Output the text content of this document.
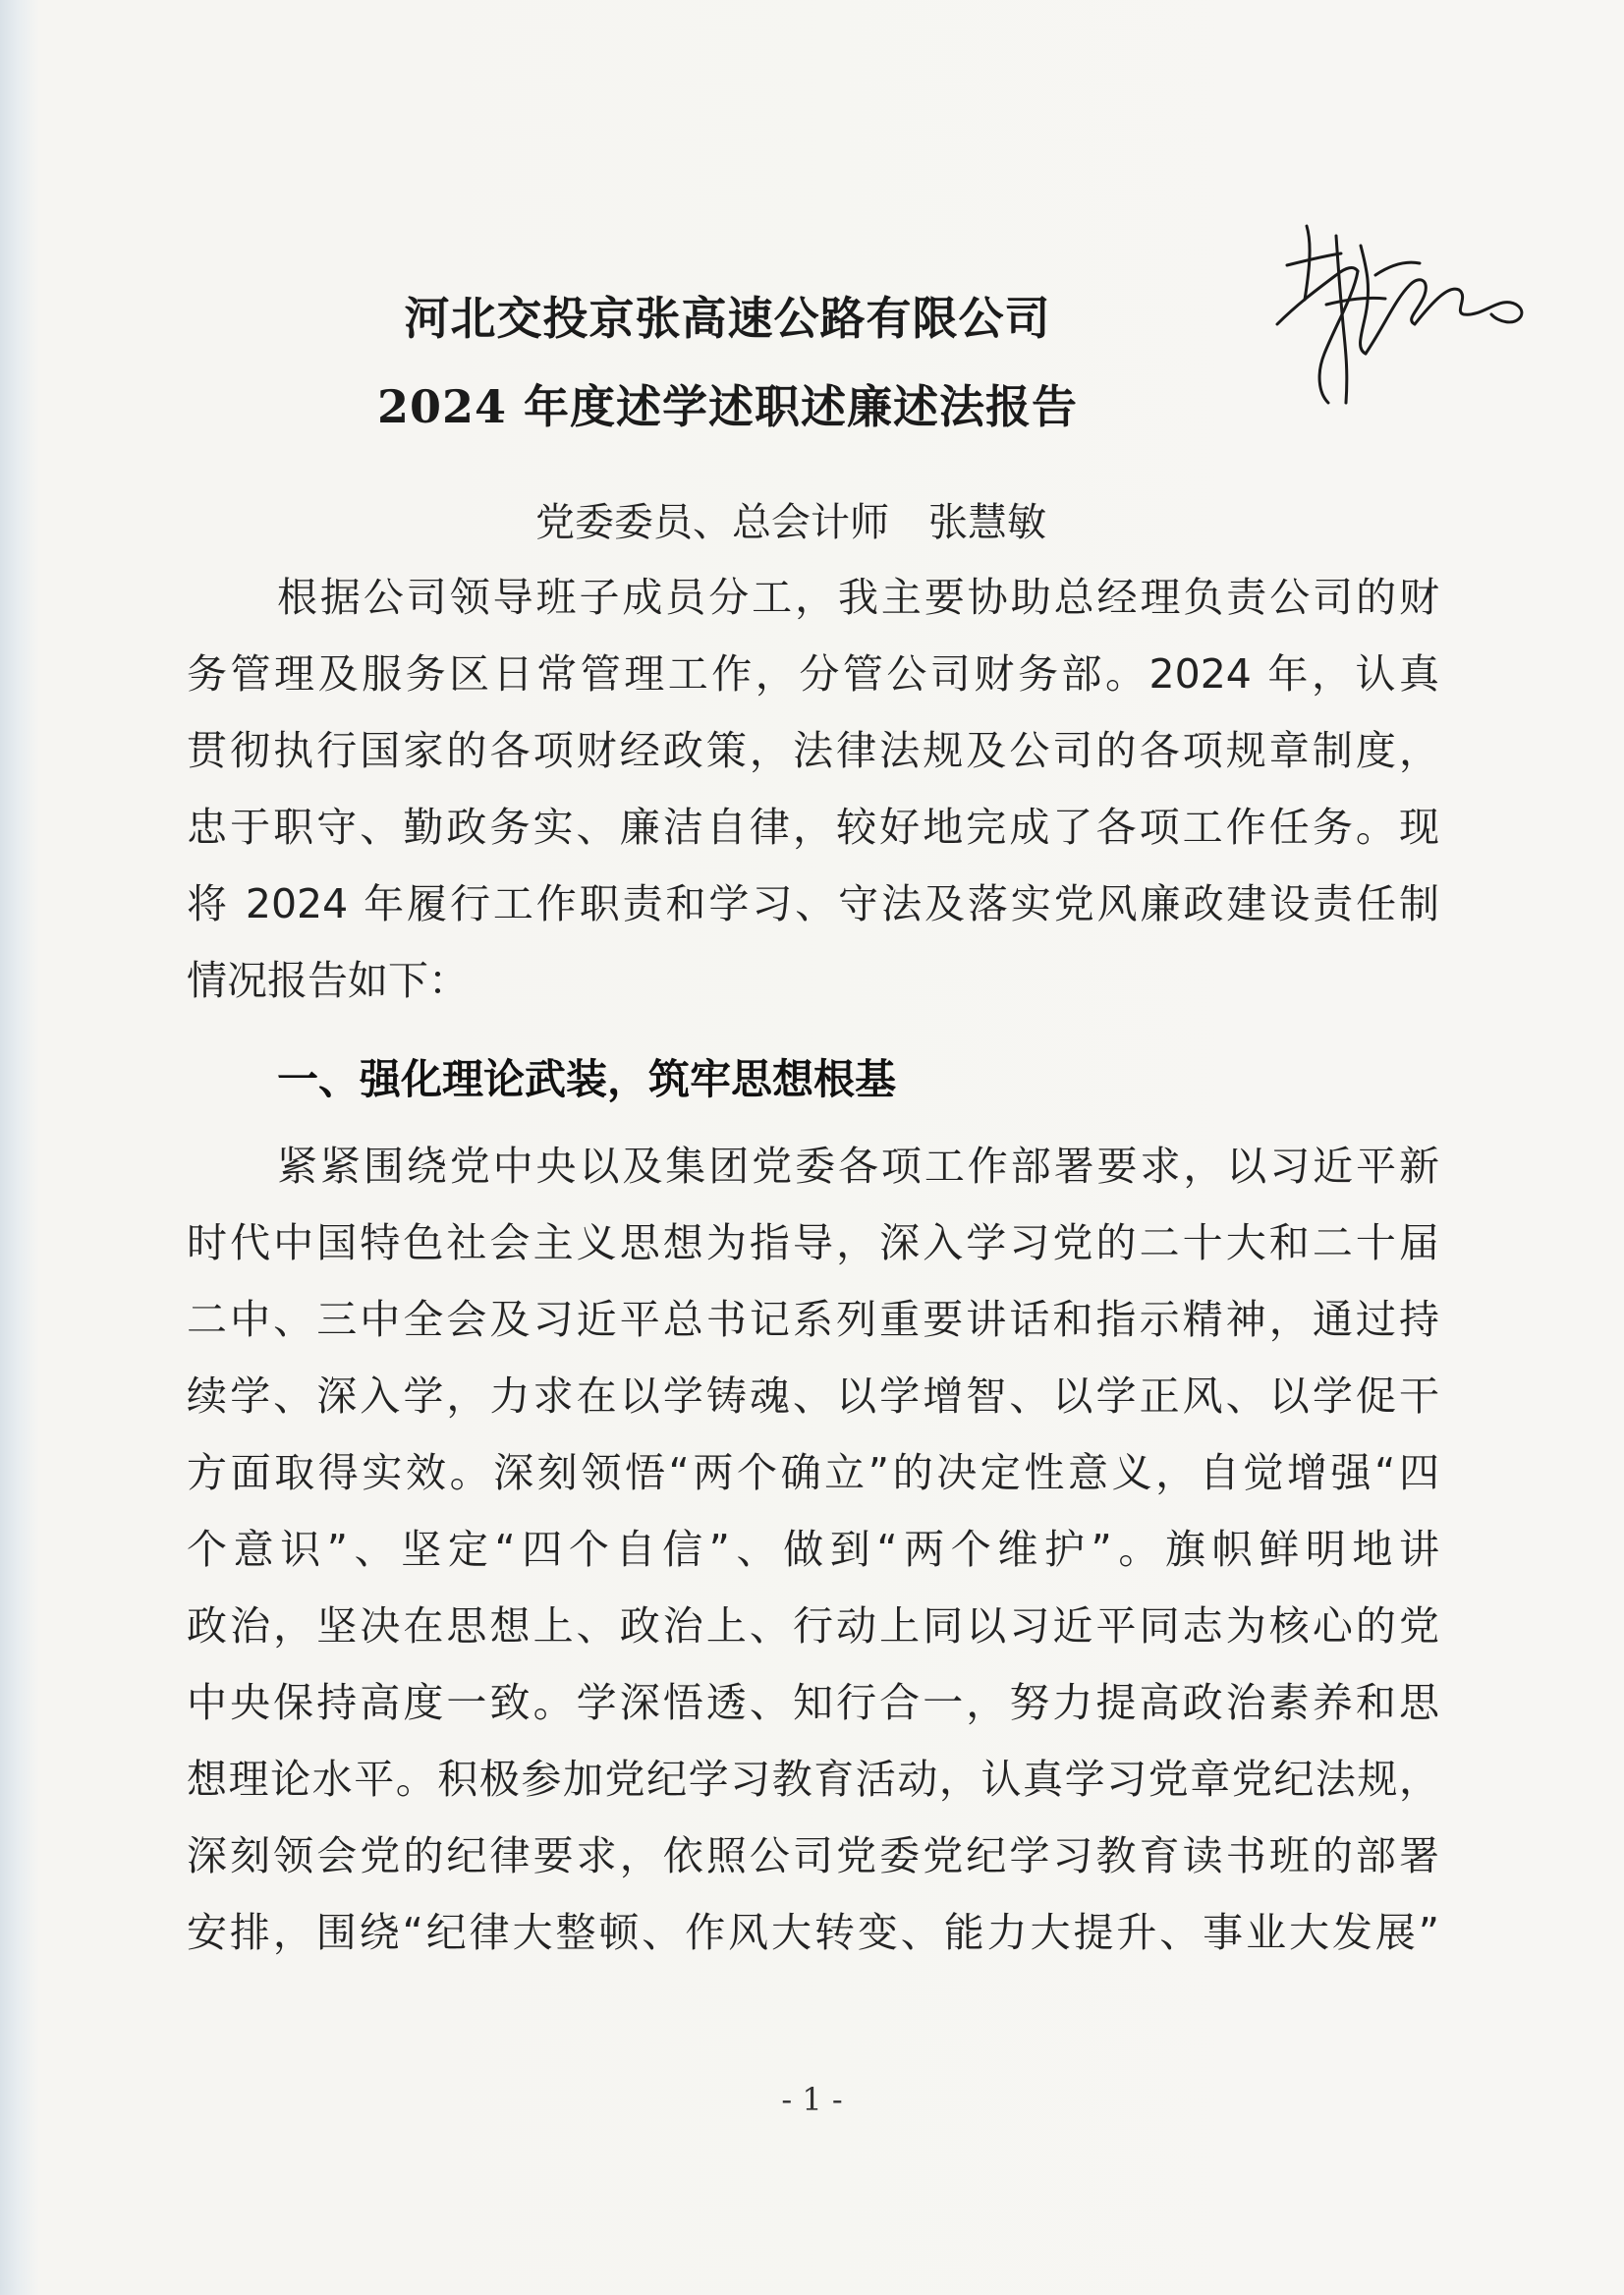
河北交投京张高速公路有限公司
2024 年度述学述职述廉述法报告

党委委员、总会计师　张慧敏

根据公司领导班子成员分工，我主要协助总经理负责公司的财

务管理及服务区日常管理工作，分管公司财务部。2024 年，认真

贯彻执行国家的各项财经政策，法律法规及公司的各项规章制度，

忠于职守、勤政务实、廉洁自律，较好地完成了各项工作任务。现

将 2024 年履行工作职责和学习、守法及落实党风廉政建设责任制

情况报告如下：

一、强化理论武装，筑牢思想根基

紧紧围绕党中央以及集团党委各项工作部署要求，以习近平新

时代中国特色社会主义思想为指导，深入学习党的二十大和二十届

二中、三中全会及习近平总书记系列重要讲话和指示精神，通过持

续学、深入学，力求在以学铸魂、以学增智、以学正风、以学促干

方面取得实效。深刻领悟“两个确立”的决定性意义，自觉增强“四

个意识”、坚定“四个自信”、做到“两个维护”。旗帜鲜明地讲

政治，坚决在思想上、政治上、行动上同以习近平同志为核心的党

中央保持高度一致。学深悟透、知行合一，努力提高政治素养和思

想理论水平。积极参加党纪学习教育活动，认真学习党章党纪法规，

深刻领会党的纪律要求，依照公司党委党纪学习教育读书班的部署

安排，围绕“纪律大整顿、作风大转变、能力大提升、事业大发展”

- 1 -
